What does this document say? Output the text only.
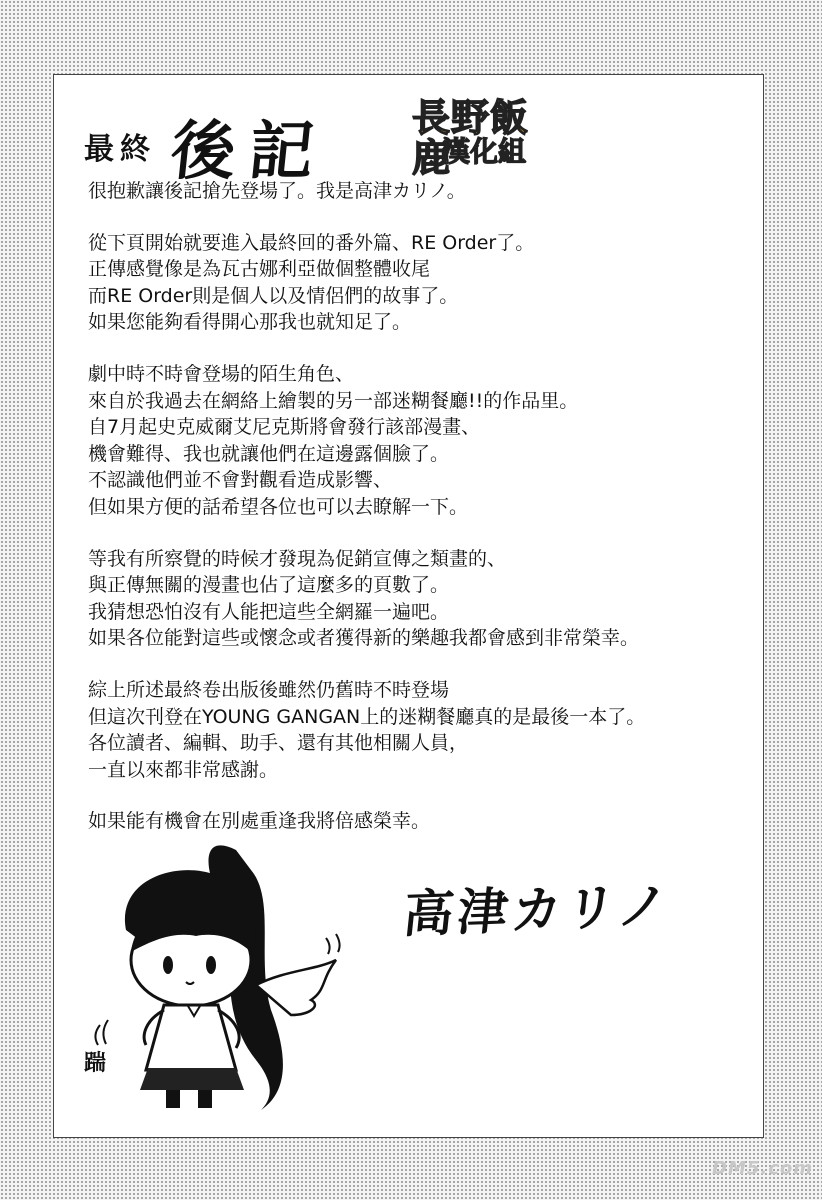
最終 後記 長野飯鹿
漢化組

很抱歉讓後記搶先登場了。我是高津カリノ。

從下頁開始就要進入最終回的番外篇、RE Order了。
正傳感覺像是為瓦古娜利亞做個整體收尾
而RE Order則是個人以及情侶們的故事了。
如果您能夠看得開心那我也就知足了。

劇中時不時會登場的陌生角色、
來自於我過去在網絡上繪製的另一部迷糊餐廳!!的作品里。
自7月起史克威爾艾尼克斯將會發行該部漫畫、
機會難得、我也就讓他們在這邊露個臉了。
不認識他們並不會對觀看造成影響、
但如果方便的話希望各位也可以去瞭解一下。

等我有所察覺的時候才發現為促銷宣傳之類畫的、
與正傳無關的漫畫也佔了這麼多的頁數了。
我猜想恐怕沒有人能把這些全網羅一遍吧。
如果各位能對這些或懷念或者獲得新的樂趣我都會感到非常榮幸。

綜上所述最終卷出版後雖然仍舊時不時登場
但這次刊登在YOUNG GANGAN上的迷糊餐廳真的是最後一本了。
各位讀者、編輯、助手、還有其他相關人員，
一直以來都非常感謝。

如果能有機會在別處重逢我將倍感榮幸。

高津カリノ
踹
DM5.com
